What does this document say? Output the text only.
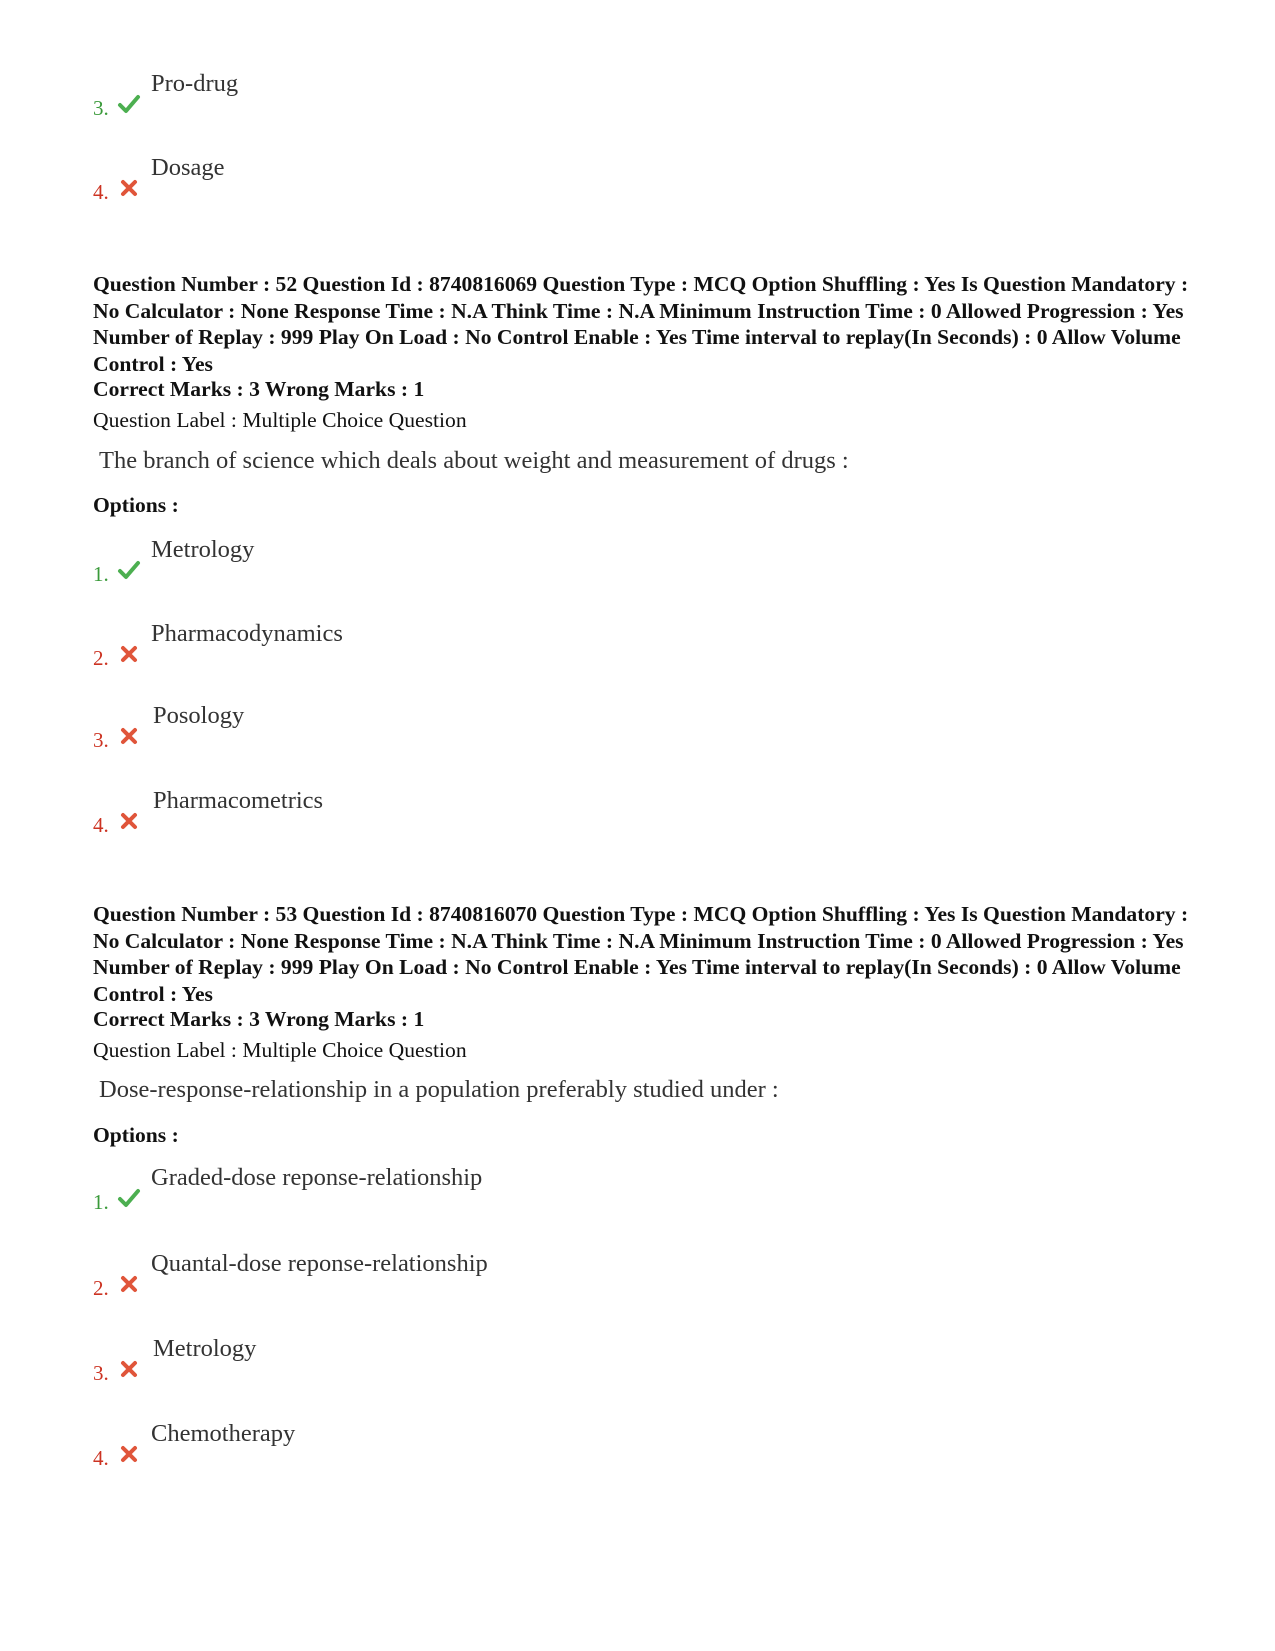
3.
Pro-drug
4.
Dosage
Question Number : 52 Question Id : 8740816069 Question Type : MCQ Option Shuffling : Yes Is Question Mandatory : No Calculator : None Response Time : N.A Think Time : N.A Minimum Instruction Time : 0 Allowed Progression : Yes Number of Replay : 999 Play On Load : No Control Enable : Yes Time interval to replay(In Seconds) : 0 Allow Volume Control : Yes
Correct Marks : 3 Wrong Marks : 1
Question Label : Multiple Choice Question
The branch of science which deals about weight and measurement of drugs :
Options :
1.
Metrology
2.
Pharmacodynamics
3.
Posology
4.
Pharmacometrics
Question Number : 53 Question Id : 8740816070 Question Type : MCQ Option Shuffling : Yes Is Question Mandatory : No Calculator : None Response Time : N.A Think Time : N.A Minimum Instruction Time : 0 Allowed Progression : Yes Number of Replay : 999 Play On Load : No Control Enable : Yes Time interval to replay(In Seconds) : 0 Allow Volume Control : Yes
Correct Marks : 3 Wrong Marks : 1
Question Label : Multiple Choice Question
Dose-response-relationship in a population preferably studied under :
Options :
1.
Graded-dose reponse-relationship
2.
Quantal-dose reponse-relationship
3.
Metrology
4.
Chemotherapy
